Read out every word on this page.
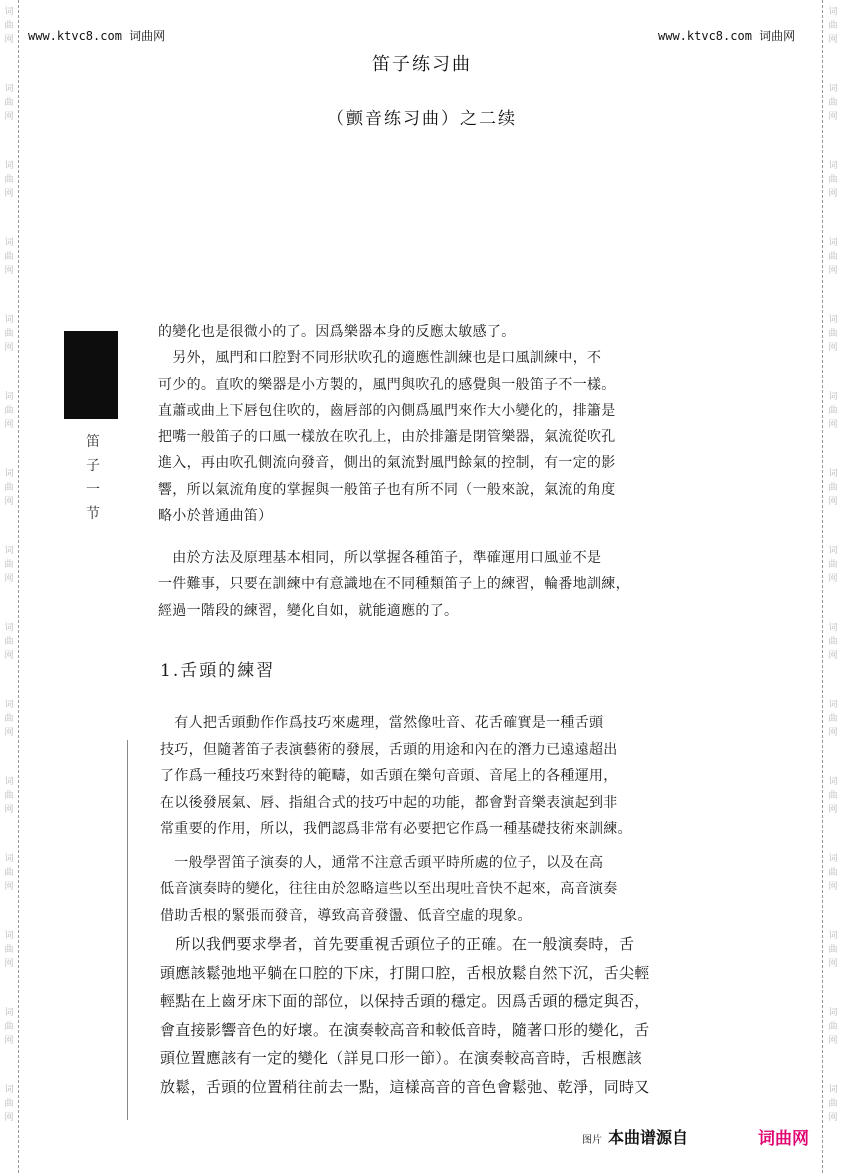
词曲网
词曲网
词曲网
词曲网
词曲网
词曲网
词曲网
词曲网
词曲网
词曲网
词曲网
词曲网
词曲网
词曲网
词曲网
词曲网
词曲网
词曲网
词曲网
词曲网
词曲网
词曲网
词曲网
词曲网
词曲网
词曲网
词曲网
词曲网
词曲网
词曲网
www.ktvc8.com 词曲网	www.ktvc8.com 词曲网
笛子练习曲
（颤音练习曲）之二续
笛
子
一
节
的變化也是很微小的了。因爲樂器本身的反應太敏感了。
　另外，風門和口腔對不同形狀吹孔的適應性訓練也是口風訓練中，不
可少的。直吹的樂器是小方製的，風門與吹孔的感覺與一般笛子不一樣。
直蕭或曲上下唇包住吹的，齒唇部的內側爲風門來作大小變化的，排簫是
把嘴一般笛子的口風一樣放在吹孔上，由於排簫是閉管樂器，氣流從吹孔
進入，再由吹孔側流向發音，側出的氣流對風門餘氣的控制，有一定的影
響，所以氣流角度的掌握與一般笛子也有所不同（一般來說，氣流的角度
略小於普通曲笛）
　由於方法及原理基本相同，所以掌握各種笛子，準確運用口風並不是
一件難事，只要在訓練中有意識地在不同種類笛子上的練習，輪番地訓練，
經過一階段的練習，變化自如，就能適應的了。
1.舌頭的練習
　有人把舌頭動作作爲技巧來處理，當然像吐音、花舌確實是一種舌頭
技巧，但隨著笛子表演藝術的發展，舌頭的用途和內在的潛力已遠遠超出
了作爲一種技巧來對待的範疇，如舌頭在樂句音頭、音尾上的各種運用，
在以後發展氣、唇、指組合式的技巧中起的功能，都會對音樂表演起到非
常重要的作用，所以，我們認爲非常有必要把它作爲一種基礎技術來訓練。
　一般學習笛子演奏的人，通常不注意舌頭平時所處的位子，以及在高
低音演奏時的變化，往往由於忽略這些以至出現吐音快不起來，高音演奏
借助舌根的緊張而發音，導致高音發盪、低音空虛的現象。
　所以我們要求學者，首先要重視舌頭位子的正確。在一般演奏時，舌
頭應該鬆弛地平躺在口腔的下床，打開口腔，舌根放鬆自然下沉，舌尖輕
輕點在上齒牙床下面的部位，以保持舌頭的穩定。因爲舌頭的穩定與否，
會直接影響音色的好壞。在演奏較高音和較低音時，隨著口形的變化，舌
頭位置應該有一定的變化（詳見口形一節）。在演奏較高音時，舌根應該
放鬆，舌頭的位置稍往前去一點，這樣高音的音色會鬆弛、乾淨，同時又
图片 本曲谱源自	词曲网
